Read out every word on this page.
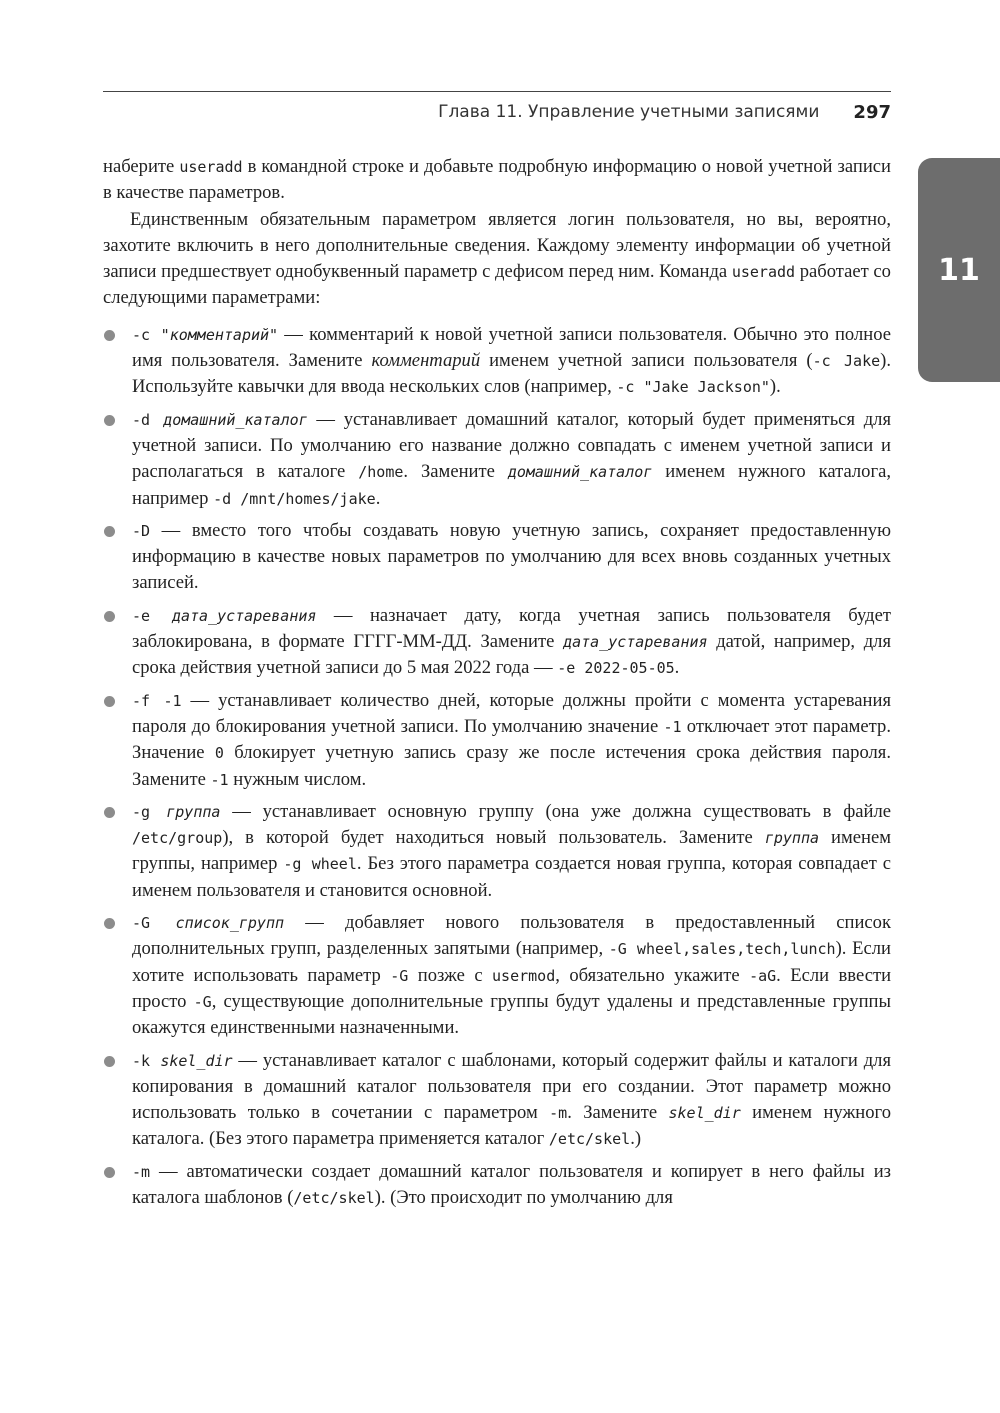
Глава 11. Управление учетными записями 297
11

наберите useradd в командной строке и добавьте подробную информацию о новой учетной записи в качестве параметров.

Единственным обязательным параметром является логин пользователя, но вы, вероятно, захотите включить в него дополнительные сведения. Каждому элементу информации об учетной записи предшествует однобуквенный параметр с дефисом перед ним. Команда useradd работает со следующими параметрами:

-c "комментарий" — комментарий к новой учетной записи пользователя. Обычно это полное имя пользователя. Замените комментарий именем учетной записи пользователя (-c Jake). Используйте кавычки для ввода нескольких слов (например, -c "Jake Jackson").
-d домашний_каталог — устанавливает домашний каталог, который будет применяться для учетной записи. По умолчанию его название должно совпадать с именем учетной записи и располагаться в каталоге /home. Замените домашний_каталог именем нужного каталога, например -d /mnt/homes/jake.
-D — вместо того чтобы создавать новую учетную запись, сохраняет предоставленную информацию в качестве новых параметров по умолчанию для всех вновь созданных учетных записей.
-e дата_устаревания — назначает дату, когда учетная запись пользователя будет заблокирована, в формате ГГГГ-ММ-ДД. Замените дата_устаревания датой, например, для срока действия учетной записи до 5 мая 2022 года — -e 2022-05-05.
-f -1 — устанавливает количество дней, которые должны пройти с момента устаревания пароля до блокирования учетной записи. По умолчанию значение -1 отключает этот параметр. Значение 0 блокирует учетную запись сразу же после истечения срока действия пароля. Замените -1 нужным числом.
-g группа — устанавливает основную группу (она уже должна существовать в файле /etc/group), в которой будет находиться новый пользователь. Замените группа именем группы, например -g wheel. Без этого параметра создается новая группа, которая совпадает с именем пользователя и становится основной.
-G список_групп — добавляет нового пользователя в предоставленный список дополнительных групп, разделенных запятыми (например, -G wheel,sales,tech,lunch). Если хотите использовать параметр -G позже с usermod, обязательно укажите -aG. Если ввести просто -G, существующие дополнительные группы будут удалены и представленные группы окажутся единственными назначенными.
-k skel_dir — устанавливает каталог с шаблонами, который содержит файлы и каталоги для копирования в домашний каталог пользователя при его создании. Этот параметр можно использовать только в сочетании с параметром -m. Замените skel_dir именем нужного каталога. (Без этого параметра применяется каталог /etc/skel.)
-m — автоматически создает домашний каталог пользователя и копирует в него файлы из каталога шаблонов (/etc/skel). (Это происходит по умолчанию для
